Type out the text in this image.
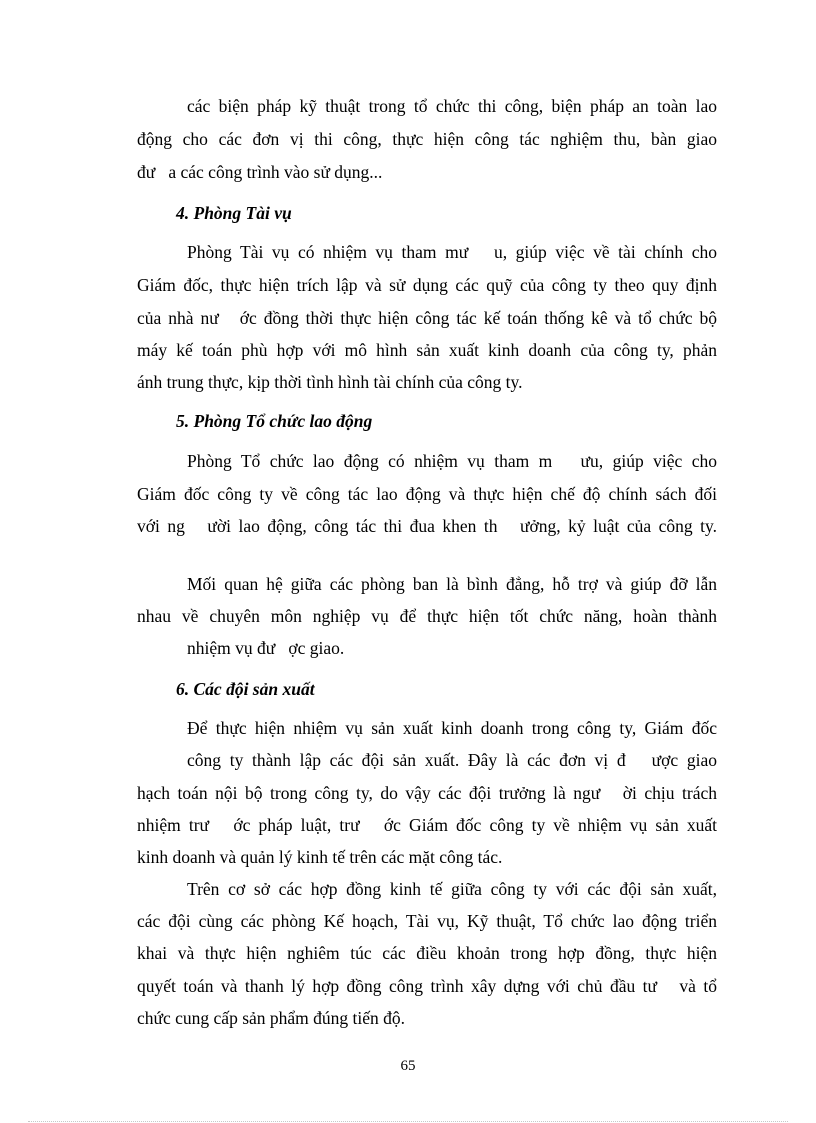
các biện pháp kỹ thuật trong tổ chức thi công, biện pháp an toàn lao
động cho các đơn vị thi công, thực hiện công tác nghiệm thu, bàn giao
đư   a các công trình vào sử dụng...
4. Phòng Tài vụ
Phòng Tài vụ có nhiệm vụ tham mư   u, giúp việc về tài chính cho
Giám đốc, thực hiện trích lập và sử dụng các quỹ của công ty theo quy định
của nhà nư   ớc đồng thời thực hiện công tác kế toán thống kê và tổ chức bộ
máy kế toán phù hợp với mô hình sản xuất kinh doanh của công ty, phản
ánh trung thực, kịp thời tình hình tài chính của công ty.
5. Phòng Tổ chức lao động
Phòng Tổ chức lao động có nhiệm vụ tham m   ưu, giúp việc cho
Giám đốc công ty về công tác lao động và thực hiện chế độ chính sách đối
với ng   ười lao động, công tác thi đua khen th   ưởng, kỷ luật của công ty.
Mối quan hệ giữa các phòng ban là bình đẳng, hỗ trợ và giúp đỡ lẫn
nhau về chuyên môn nghiệp vụ để thực hiện tốt chức năng, hoàn thành
nhiệm vụ đư   ợc giao.
6. Các đội sản xuất
Để thực hiện nhiệm vụ sản xuất kinh doanh trong công ty, Giám đốc
công ty thành lập các đội sản xuất. Đây là các đơn vị đ   ược giao
hạch toán nội bộ trong công ty, do vậy các đội trưởng là ngư   ời chịu trách
nhiệm trư   ớc pháp luật, trư   ớc Giám đốc công ty về nhiệm vụ sản xuất
kinh doanh và quản lý kinh tế trên các mặt công tác.
Trên cơ sở các hợp đồng kinh tế giữa công ty với các đội sản xuất,
các đội cùng các phòng Kế hoạch, Tài vụ, Kỹ thuật, Tổ chức lao động triển
khai và thực hiện nghiêm túc các điều khoản trong hợp đồng, thực hiện
quyết toán và thanh lý hợp đồng công trình xây dựng với chủ đầu tư   và tổ
chức cung cấp sản phẩm đúng tiến độ.
65
